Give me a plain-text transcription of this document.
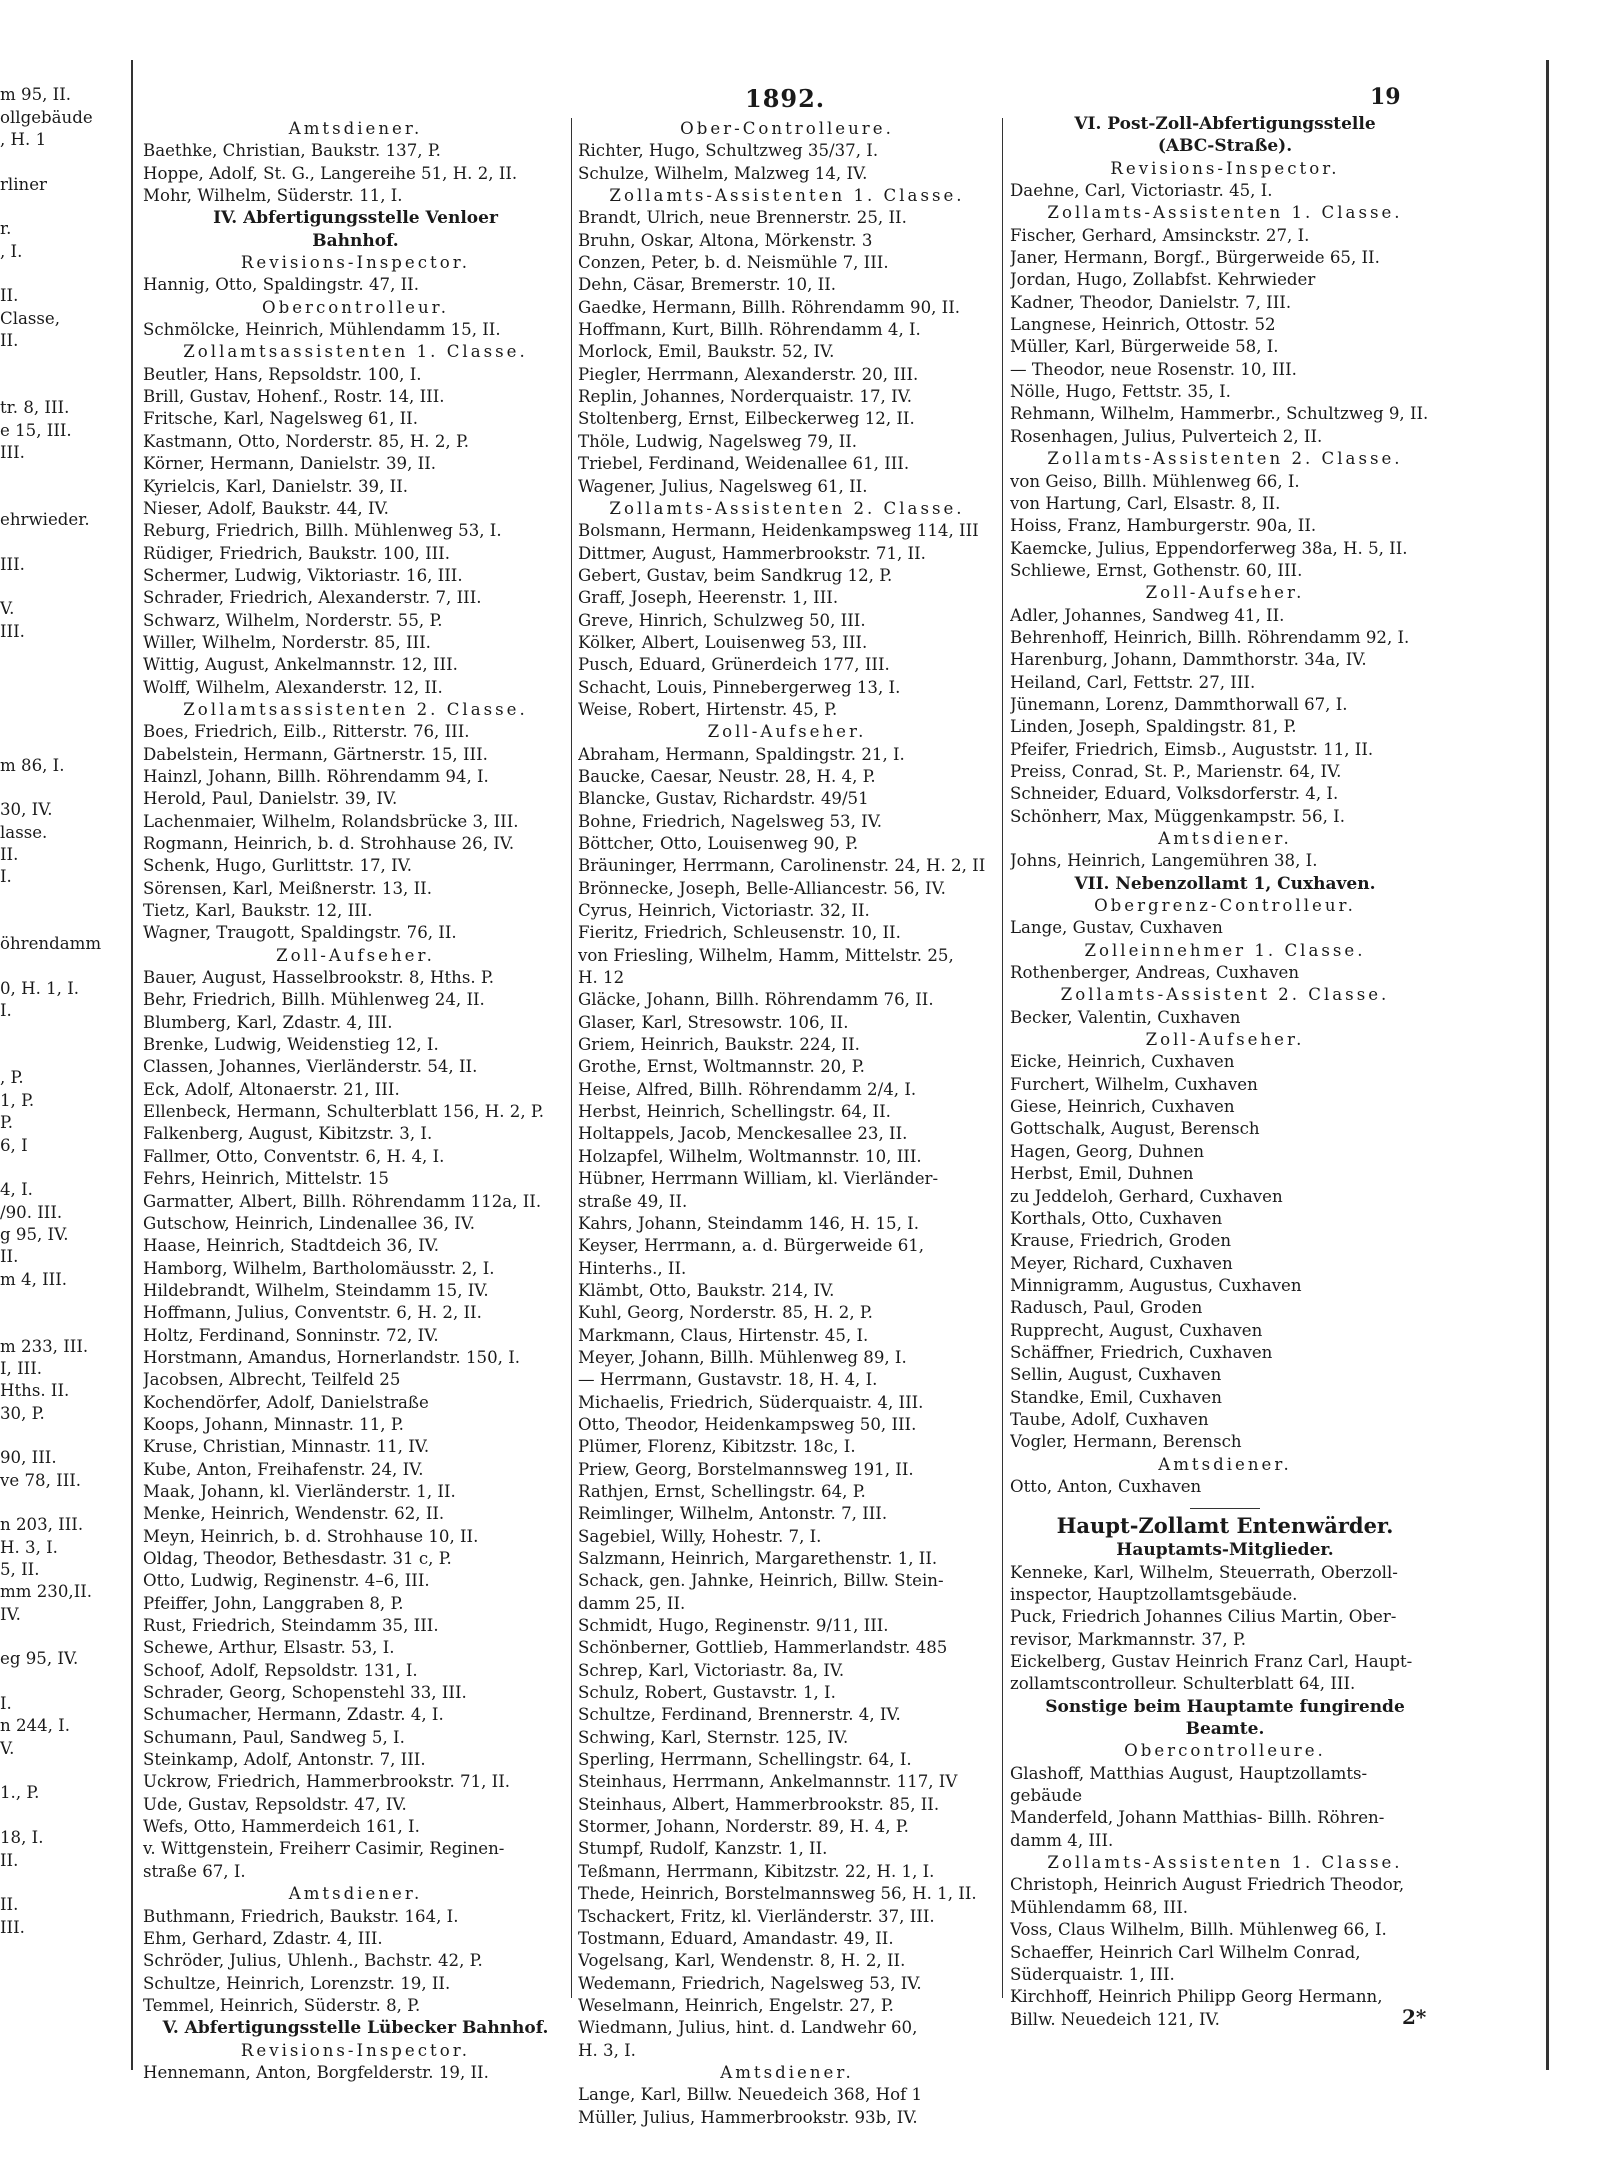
1892.	19
2*

m 95, II.
ollgebäude
, H. 1

rliner

r.
, I.

II.
Classe,
II.

tr. 8, III.
e 15, III.
III.

ehrwieder.

III.

V.
III.

m 86, I.

30, IV.
lasse.
II.
I.

öhrendamm

0, H. 1, I.
I.

, P.
1, P.
P.
6, I

4, I.
/90. III.
g 95, IV.
II.
m 4, III.

m 233, III.
I, III.
Hths. II.
30, P.

90, III.
ve 78, III.

n 203, III.
H. 3, I.
5, II.
mm 230,II.
IV.

eg 95, IV.

I.
n 244, I.
V.

1., P.

18, I.
II.

II.
III.
Amtsdiener.
Baethke, Christian, Baukstr. 137, P.
Hoppe, Adolf, St. G., Langereihe 51, H. 2, II.
Mohr, Wilhelm, Süderstr. 11, I.
IV. Abfertigungsstelle Venloer
Bahnhof.
Revisions-Inspector.
Hannig, Otto, Spaldingstr. 47, II.
Obercontrolleur.
Schmölcke, Heinrich, Mühlendamm 15, II.
Zollamtsassistenten 1. Classe.
Beutler, Hans, Repsoldstr. 100, I.
Brill, Gustav, Hohenf., Rostr. 14, III.
Fritsche, Karl, Nagelsweg 61, II.
Kastmann, Otto, Norderstr. 85, H. 2, P.
Körner, Hermann, Danielstr. 39, II.
Kyrielcis, Karl, Danielstr. 39, II.
Nieser, Adolf, Baukstr. 44, IV.
Reburg, Friedrich, Billh. Mühlenweg 53, I.
Rüdiger, Friedrich, Baukstr. 100, III.
Schermer, Ludwig, Viktoriastr. 16, III.
Schrader, Friedrich, Alexanderstr. 7, III.
Schwarz, Wilhelm, Norderstr. 55, P.
Willer, Wilhelm, Norderstr. 85, III.
Wittig, August, Ankelmannstr. 12, III.
Wolff, Wilhelm, Alexanderstr. 12, II.
Zollamtsassistenten 2. Classe.
Boes, Friedrich, Eilb., Ritterstr. 76, III.
Dabelstein, Hermann, Gärtnerstr. 15, III.
Hainzl, Johann, Billh. Röhrendamm 94, I.
Herold, Paul, Danielstr. 39, IV.
Lachenmaier, Wilhelm, Rolandsbrücke 3, III.
Rogmann, Heinrich, b. d. Strohhause 26, IV.
Schenk, Hugo, Gurlittstr. 17, IV.
Sörensen, Karl, Meißnerstr. 13, II.
Tietz, Karl, Baukstr. 12, III.
Wagner, Traugott, Spaldingstr. 76, II.
Zoll-Aufseher.
Bauer, August, Hasselbrookstr. 8, Hths. P.
Behr, Friedrich, Billh. Mühlenweg 24, II.
Blumberg, Karl, Zdastr. 4, III.
Brenke, Ludwig, Weidenstieg 12, I.
Classen, Johannes, Vierländerstr. 54, II.
Eck, Adolf, Altonaerstr. 21, III.
Ellenbeck, Hermann, Schulterblatt 156, H. 2, P.
Falkenberg, August, Kibitzstr. 3, I.
Fallmer, Otto, Conventstr. 6, H. 4, I.
Fehrs, Heinrich, Mittelstr. 15
Garmatter, Albert, Billh. Röhrendamm 112a, II.
Gutschow, Heinrich, Lindenallee 36, IV.
Haase, Heinrich, Stadtdeich 36, IV.
Hamborg, Wilhelm, Bartholomäusstr. 2, I.
Hildebrandt, Wilhelm, Steindamm 15, IV.
Hoffmann, Julius, Conventstr. 6, H. 2, II.
Holtz, Ferdinand, Sonninstr. 72, IV.
Horstmann, Amandus, Hornerlandstr. 150, I.
Jacobsen, Albrecht, Teilfeld 25
Kochendörfer, Adolf, Danielstraße
Koops, Johann, Minnastr. 11, P.
Kruse, Christian, Minnastr. 11, IV.
Kube, Anton, Freihafenstr. 24, IV.
Maak, Johann, kl. Vierländerstr. 1, II.
Menke, Heinrich, Wendenstr. 62, II.
Meyn, Heinrich, b. d. Strohhause 10, II.
Oldag, Theodor, Bethesdastr. 31 c, P.
Otto, Ludwig, Reginenstr. 4–6, III.
Pfeiffer, John, Langgraben 8, P.
Rust, Friedrich, Steindamm 35, III.
Schewe, Arthur, Elsastr. 53, I.
Schoof, Adolf, Repsoldstr. 131, I.
Schrader, Georg, Schopenstehl 33, III.
Schumacher, Hermann, Zdastr. 4, I.
Schumann, Paul, Sandweg 5, I.
Steinkamp, Adolf, Antonstr. 7, III.
Uckrow, Friedrich, Hammerbrookstr. 71, II.
Ude, Gustav, Repsoldstr. 47, IV.
Wefs, Otto, Hammerdeich 161, I.
v. Wittgenstein, Freiherr Casimir, Reginen-
straße 67, I.
Amtsdiener.
Buthmann, Friedrich, Baukstr. 164, I.
Ehm, Gerhard, Zdastr. 4, III.
Schröder, Julius, Uhlenh., Bachstr. 42, P.
Schultze, Heinrich, Lorenzstr. 19, II.
Temmel, Heinrich, Süderstr. 8, P.
V. Abfertigungsstelle Lübecker Bahnhof.
Revisions-Inspector.
Hennemann, Anton, Borgfelderstr. 19, II.
Ober-Controlleure.
Richter, Hugo, Schultzweg 35/37, I.
Schulze, Wilhelm, Malzweg 14, IV.
Zollamts-Assistenten 1. Classe.
Brandt, Ulrich, neue Brennerstr. 25, II.
Bruhn, Oskar, Altona, Mörkenstr. 3
Conzen, Peter, b. d. Neismühle 7, III.
Dehn, Cäsar, Bremerstr. 10, II.
Gaedke, Hermann, Billh. Röhrendamm 90, II.
Hoffmann, Kurt, Billh. Röhrendamm 4, I.
Morlock, Emil, Baukstr. 52, IV.
Piegler, Herrmann, Alexanderstr. 20, III.
Replin, Johannes, Norderquaistr. 17, IV.
Stoltenberg, Ernst, Eilbeckerweg 12, II.
Thöle, Ludwig, Nagelsweg 79, II.
Triebel, Ferdinand, Weidenallee 61, III.
Wagener, Julius, Nagelsweg 61, II.
Zollamts-Assistenten 2. Classe.
Bolsmann, Hermann, Heidenkampsweg 114, III
Dittmer, August, Hammerbrookstr. 71, II.
Gebert, Gustav, beim Sandkrug 12, P.
Graff, Joseph, Heerenstr. 1, III.
Greve, Hinrich, Schulzweg 50, III.
Kölker, Albert, Louisenweg 53, III.
Pusch, Eduard, Grünerdeich 177, III.
Schacht, Louis, Pinnebergerweg 13, I.
Weise, Robert, Hirtenstr. 45, P.
Zoll-Aufseher.
Abraham, Hermann, Spaldingstr. 21, I.
Baucke, Caesar, Neustr. 28, H. 4, P.
Blancke, Gustav, Richardstr. 49/51
Bohne, Friedrich, Nagelsweg 53, IV.
Böttcher, Otto, Louisenweg 90, P.
Bräuninger, Herrmann, Carolinenstr. 24, H. 2, II
Brönnecke, Joseph, Belle-Alliancestr. 56, IV.
Cyrus, Heinrich, Victoriastr. 32, II.
Fieritz, Friedrich, Schleusenstr. 10, II.
von Friesling, Wilhelm, Hamm, Mittelstr. 25,
H. 12
Gläcke, Johann, Billh. Röhrendamm 76, II.
Glaser, Karl, Stresowstr. 106, II.
Griem, Heinrich, Baukstr. 224, II.
Grothe, Ernst, Woltmannstr. 20, P.
Heise, Alfred, Billh. Röhrendamm 2/4, I.
Herbst, Heinrich, Schellingstr. 64, II.
Holtappels, Jacob, Menckesallee 23, II.
Holzapfel, Wilhelm, Woltmannstr. 10, III.
Hübner, Herrmann William, kl. Vierländer-
straße 49, II.
Kahrs, Johann, Steindamm 146, H. 15, I.
Keyser, Herrmann, a. d. Bürgerweide 61,
Hinterhs., II.
Klämbt, Otto, Baukstr. 214, IV.
Kuhl, Georg, Norderstr. 85, H. 2, P.
Markmann, Claus, Hirtenstr. 45, I.
Meyer, Johann, Billh. Mühlenweg 89, I.
— Herrmann, Gustavstr. 18, H. 4, I.
Michaelis, Friedrich, Süderquaistr. 4, III.
Otto, Theodor, Heidenkampsweg 50, III.
Plümer, Florenz, Kibitzstr. 18c, I.
Priew, Georg, Borstelmannsweg 191, II.
Rathjen, Ernst, Schellingstr. 64, P.
Reimlinger, Wilhelm, Antonstr. 7, III.
Sagebiel, Willy, Hohestr. 7, I.
Salzmann, Heinrich, Margarethenstr. 1, II.
Schack, gen. Jahnke, Heinrich, Billw. Stein-
damm 25, II.
Schmidt, Hugo, Reginenstr. 9/11, III.
Schönberner, Gottlieb, Hammerlandstr. 485
Schrep, Karl, Victoriastr. 8a, IV.
Schulz, Robert, Gustavstr. 1, I.
Schultze, Ferdinand, Brennerstr. 4, IV.
Schwing, Karl, Sternstr. 125, IV.
Sperling, Herrmann, Schellingstr. 64, I.
Steinhaus, Herrmann, Ankelmannstr. 117, IV
Steinhaus, Albert, Hammerbrookstr. 85, II.
Stormer, Johann, Norderstr. 89, H. 4, P.
Stumpf, Rudolf, Kanzstr. 1, II.
Teßmann, Herrmann, Kibitzstr. 22, H. 1, I.
Thede, Heinrich, Borstelmannsweg 56, H. 1, II.
Tschackert, Fritz, kl. Vierländerstr. 37, III.
Tostmann, Eduard, Amandastr. 49, II.
Vogelsang, Karl, Wendenstr. 8, H. 2, II.
Wedemann, Friedrich, Nagelsweg 53, IV.
Weselmann, Heinrich, Engelstr. 27, P.
Wiedmann, Julius, hint. d. Landwehr 60,
H. 3, I.
Amtsdiener.
Lange, Karl, Billw. Neuedeich 368, Hof 1
Müller, Julius, Hammerbrookstr. 93b, IV.
VI. Post-Zoll-Abfertigungsstelle
(ABC-Straße).
Revisions-Inspector.
Daehne, Carl, Victoriastr. 45, I.
Zollamts-Assistenten 1. Classe.
Fischer, Gerhard, Amsinckstr. 27, I.
Janer, Hermann, Borgf., Bürgerweide 65, II.
Jordan, Hugo, Zollabfst. Kehrwieder
Kadner, Theodor, Danielstr. 7, III.
Langnese, Heinrich, Ottostr. 52
Müller, Karl, Bürgerweide 58, I.
— Theodor, neue Rosenstr. 10, III.
Nölle, Hugo, Fettstr. 35, I.
Rehmann, Wilhelm, Hammerbr., Schultzweg 9, II.
Rosenhagen, Julius, Pulverteich 2, II.
Zollamts-Assistenten 2. Classe.
von Geiso, Billh. Mühlenweg 66, I.
von Hartung, Carl, Elsastr. 8, II.
Hoiss, Franz, Hamburgerstr. 90a, II.
Kaemcke, Julius, Eppendorferweg 38a, H. 5, II.
Schliewe, Ernst, Gothenstr. 60, III.
Zoll-Aufseher.
Adler, Johannes, Sandweg 41, II.
Behrenhoff, Heinrich, Billh. Röhrendamm 92, I.
Harenburg, Johann, Dammthorstr. 34a, IV.
Heiland, Carl, Fettstr. 27, III.
Jünemann, Lorenz, Dammthorwall 67, I.
Linden, Joseph, Spaldingstr. 81, P.
Pfeifer, Friedrich, Eimsb., Auguststr. 11, II.
Preiss, Conrad, St. P., Marienstr. 64, IV.
Schneider, Eduard, Volksdorferstr. 4, I.
Schönherr, Max, Müggenkampstr. 56, I.
Amtsdiener.
Johns, Heinrich, Langemühren 38, I.
VII. Nebenzollamt 1, Cuxhaven.
Obergrenz-Controlleur.
Lange, Gustav, Cuxhaven
Zolleinnehmer 1. Classe.
Rothenberger, Andreas, Cuxhaven
Zollamts-Assistent 2. Classe.
Becker, Valentin, Cuxhaven
Zoll-Aufseher.
Eicke, Heinrich, Cuxhaven
Furchert, Wilhelm, Cuxhaven
Giese, Heinrich, Cuxhaven
Gottschalk, August, Berensch
Hagen, Georg, Duhnen
Herbst, Emil, Duhnen
zu Jeddeloh, Gerhard, Cuxhaven
Korthals, Otto, Cuxhaven
Krause, Friedrich, Groden
Meyer, Richard, Cuxhaven
Minnigramm, Augustus, Cuxhaven
Radusch, Paul, Groden
Rupprecht, August, Cuxhaven
Schäffner, Friedrich, Cuxhaven
Sellin, August, Cuxhaven
Standke, Emil, Cuxhaven
Taube, Adolf, Cuxhaven
Vogler, Hermann, Berensch
Amtsdiener.
Otto, Anton, Cuxhaven
Haupt-Zollamt Entenwärder.
Hauptamts-Mitglieder.
Kenneke, Karl, Wilhelm, Steuerrath, Oberzoll-
inspector, Hauptzollamtsgebäude.
Puck, Friedrich Johannes Cilius Martin, Ober-
revisor, Markmannstr. 37, P.
Eickelberg, Gustav Heinrich Franz Carl, Haupt-
zollamtscontrolleur. Schulterblatt 64, III.
Sonstige beim Hauptamte fungirende
Beamte.
Obercontrolleure.
Glashoff, Matthias August, Hauptzollamts-
gebäude
Manderfeld, Johann Matthias- Billh. Röhren-
damm 4, III.
Zollamts-Assistenten 1. Classe.
Christoph, Heinrich August Friedrich Theodor,
Mühlendamm 68, III.
Voss, Claus Wilhelm, Billh. Mühlenweg 66, I.
Schaeffer, Heinrich Carl Wilhelm Conrad,
Süderquaistr. 1, III.
Kirchhoff, Heinrich Philipp Georg Hermann,
Billw. Neuedeich 121, IV.
